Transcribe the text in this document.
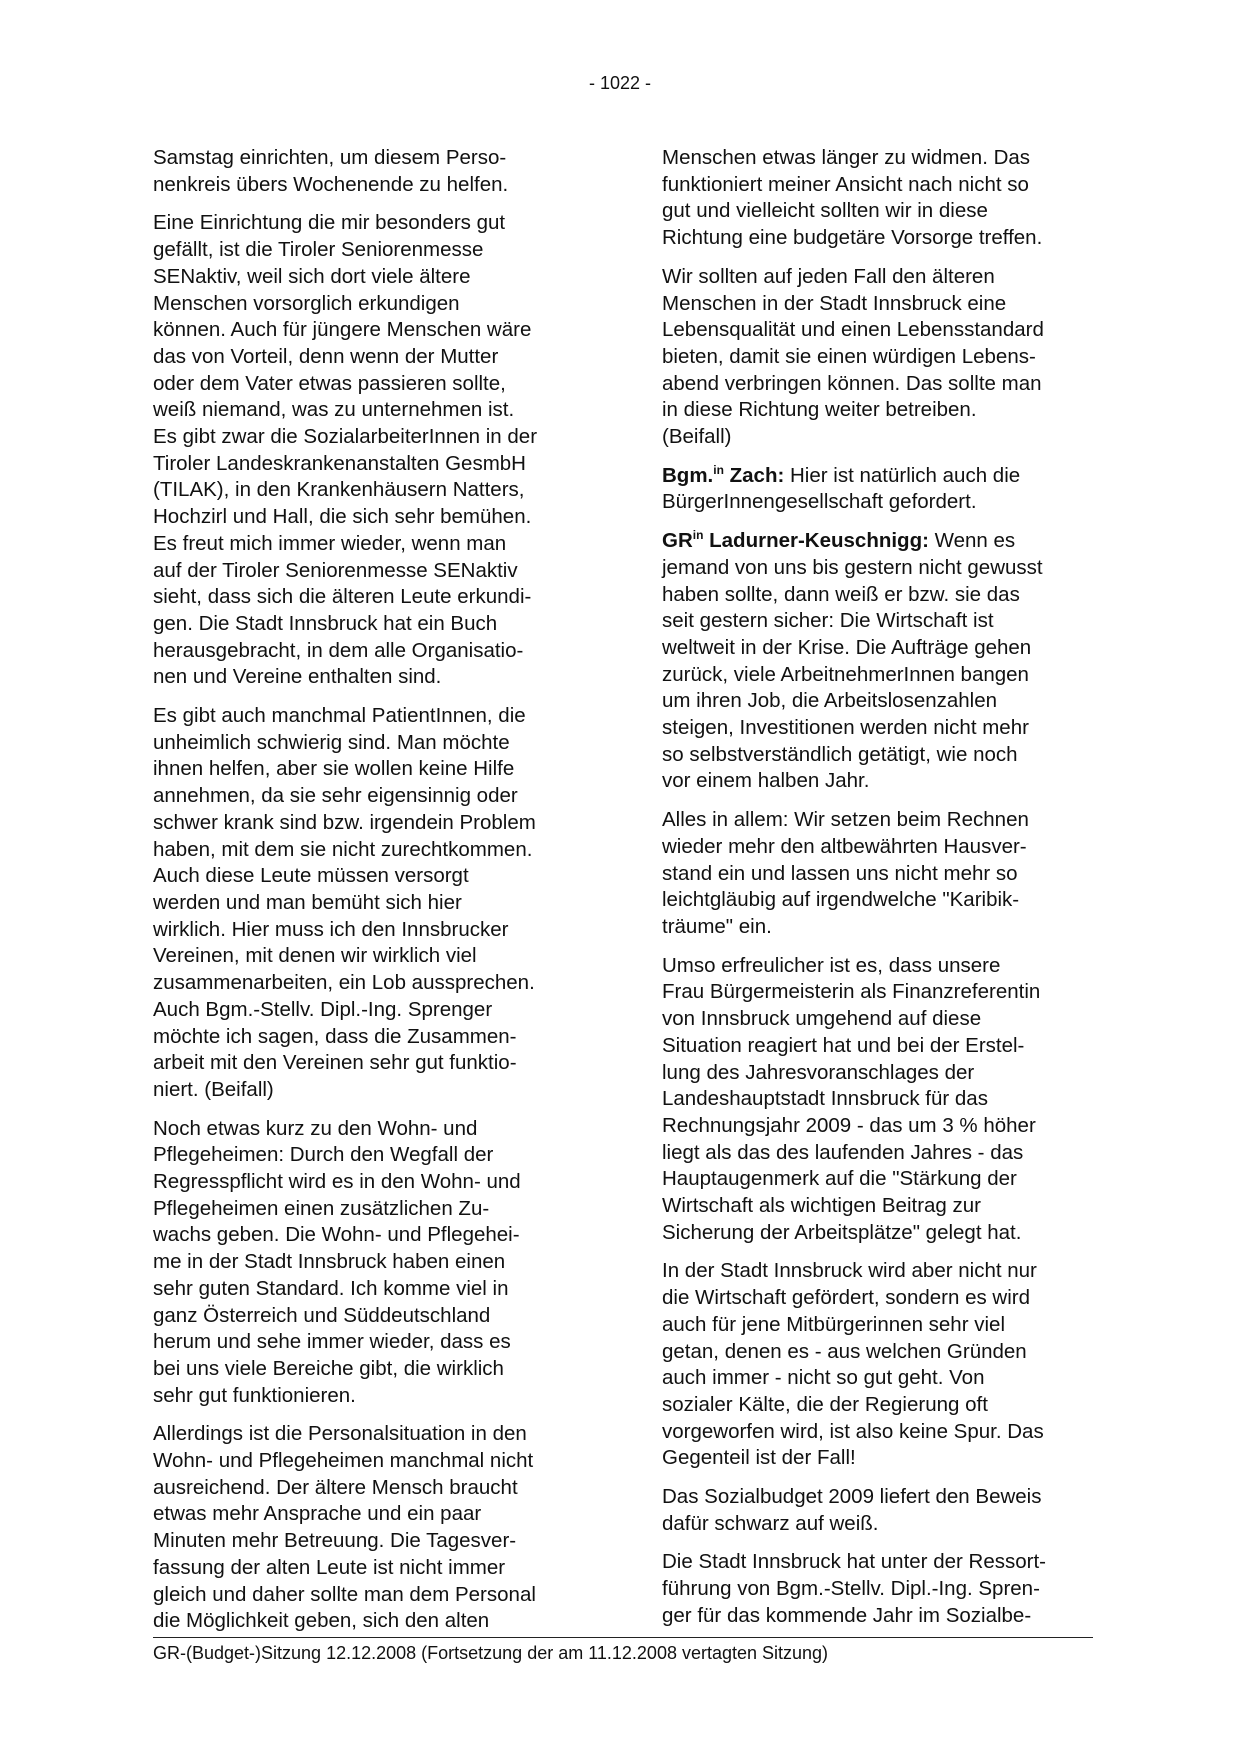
- 1022 -

Samstag einrichten, um diesem Perso-
nenkreis übers Wochenende zu helfen.

Eine Einrichtung die mir besonders gut
gefällt, ist die Tiroler Seniorenmesse
SENaktiv, weil sich dort viele ältere
Menschen vorsorglich erkundigen
können. Auch für jüngere Menschen wäre
das von Vorteil, denn wenn der Mutter
oder dem Vater etwas passieren sollte,
weiß niemand, was zu unternehmen ist.
Es gibt zwar die SozialarbeiterInnen in der
Tiroler Landeskrankenanstalten GesmbH
(TILAK), in den Krankenhäusern Natters,
Hochzirl und Hall, die sich sehr bemühen.
Es freut mich immer wieder, wenn man
auf der Tiroler Seniorenmesse SENaktiv
sieht, dass sich die älteren Leute erkundi-
gen. Die Stadt Innsbruck hat ein Buch
herausgebracht, in dem alle Organisatio-
nen und Vereine enthalten sind.

Es gibt auch manchmal PatientInnen, die
unheimlich schwierig sind. Man möchte
ihnen helfen, aber sie wollen keine Hilfe
annehmen, da sie sehr eigensinnig oder
schwer krank sind bzw. irgendein Problem
haben, mit dem sie nicht zurechtkommen.
Auch diese Leute müssen versorgt
werden und man bemüht sich hier
wirklich. Hier muss ich den Innsbrucker
Vereinen, mit denen wir wirklich viel
zusammenarbeiten, ein Lob aussprechen.
Auch Bgm.-Stellv. Dipl.-Ing. Sprenger
möchte ich sagen, dass die Zusammen-
arbeit mit den Vereinen sehr gut funktio-
niert. (Beifall)

Noch etwas kurz zu den Wohn- und
Pflegeheimen: Durch den Wegfall der
Regresspflicht wird es in den Wohn- und
Pflegeheimen einen zusätzlichen Zu-
wachs geben. Die Wohn- und Pflegehei-
me in der Stadt Innsbruck haben einen
sehr guten Standard. Ich komme viel in
ganz Österreich und Süddeutschland
herum und sehe immer wieder, dass es
bei uns viele Bereiche gibt, die wirklich
sehr gut funktionieren.

Allerdings ist die Personalsituation in den
Wohn- und Pflegeheimen manchmal nicht
ausreichend. Der ältere Mensch braucht
etwas mehr Ansprache und ein paar
Minuten mehr Betreuung. Die Tagesver-
fassung der alten Leute ist nicht immer
gleich und daher sollte man dem Personal
die Möglichkeit geben, sich den alten

Menschen etwas länger zu widmen. Das
funktioniert meiner Ansicht nach nicht so
gut und vielleicht sollten wir in diese
Richtung eine budgetäre Vorsorge treffen.

Wir sollten auf jeden Fall den älteren
Menschen in der Stadt Innsbruck eine
Lebensqualität und einen Lebensstandard
bieten, damit sie einen würdigen Lebens-
abend verbringen können. Das sollte man
in diese Richtung weiter betreiben.
(Beifall)

Bgm.$^{in}$ Zach: Hier ist natürlich auch die
BürgerInnengesellschaft gefordert.

$GR^{in}$ Ladurner-Keuschnigg: Wenn es
jemand von uns bis gestern nicht gewusst
haben sollte, dann weiß er bzw. sie das
seit gestern sicher: Die Wirtschaft ist
weltweit in der Krise. Die Aufträge gehen
zurück, viele ArbeitnehmerInnen bangen
um ihren Job, die Arbeitslosenzahlen
steigen, Investitionen werden nicht mehr
so selbstverständlich getätigt, wie noch
vor einem halben Jahr.

Alles in allem: Wir setzen beim Rechnen
wieder mehr den altbewährten Hausver-
stand ein und lassen uns nicht mehr so
leichtgläubig auf irgendwelche "Karibik-
träume" ein.

Umso erfreulicher ist es, dass unsere
Frau Bürgermeisterin als Finanzreferentin
von Innsbruck umgehend auf diese
Situation reagiert hat und bei der Erstel-
lung des Jahresvoranschlages der
Landeshauptstadt Innsbruck für das
Rechnungsjahr 2009 - das um 3 % höher
liegt als das des laufenden Jahres - das
Hauptaugenmerk auf die "Stärkung der
Wirtschaft als wichtigen Beitrag zur
Sicherung der Arbeitsplätze" gelegt hat.

In der Stadt Innsbruck wird aber nicht nur
die Wirtschaft gefördert, sondern es wird
auch für jene Mitbürgerinnen sehr viel
getan, denen es - aus welchen Gründen
auch immer - nicht so gut geht. Von
sozialer Kälte, die der Regierung oft
vorgeworfen wird, ist also keine Spur. Das
Gegenteil ist der Fall!

Das Sozialbudget 2009 liefert den Beweis
dafür schwarz auf weiß.

Die Stadt Innsbruck hat unter der Ressort-
führung von Bgm.-Stellv. Dipl.-Ing. Spren-
ger für das kommende Jahr im Sozialbe-

GR-(Budget-)Sitzung 12.12.2008 (Fortsetzung der am 11.12.2008 vertagten Sitzung)
